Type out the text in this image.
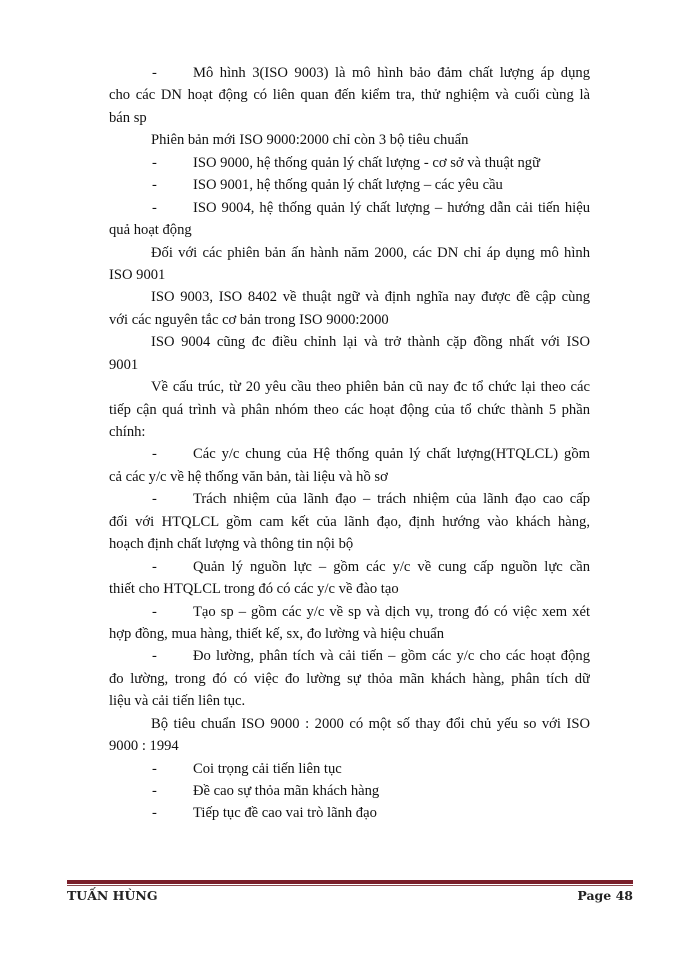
- Mô hình 3(ISO 9003) là mô hình bảo đảm chất lượng áp dụng
cho các DN hoạt động có liên quan đến kiểm tra, thử nghiệm và cuối cùng là
bán sp
Phiên bản mới ISO 9000:2000 chỉ còn 3 bộ tiêu chuẩn
- ISO 9000, hệ thống quản lý chất lượng - cơ sở và thuật ngữ
- ISO 9001, hệ thống quản lý chất lượng – các yêu cầu
- ISO 9004, hệ thống quản lý chất lượng – hướng dẫn cải tiến hiệu
quả hoạt động
Đối với các phiên bản ấn hành năm 2000, các DN chỉ áp dụng mô hình
ISO 9001
ISO 9003, ISO 8402 về thuật ngữ và định nghĩa nay được đề cập cùng
với các nguyên tắc cơ bản trong ISO 9000:2000
ISO 9004 cũng đc điều chỉnh lại và trở thành cặp đồng nhất với ISO
9001
Về cấu trúc, từ 20 yêu cầu theo phiên bản cũ nay đc tổ chức lại theo các
tiếp cận quá trình và phân nhóm theo các hoạt động của tổ chức thành 5 phần
chính:
- Các y/c chung của Hệ thống quản lý chất lượng(HTQLCL) gồm
cả các y/c về hệ thống văn bản, tài liệu và hồ sơ
- Trách nhiệm của lãnh đạo – trách nhiệm của lãnh đạo cao cấp
đối với HTQLCL gồm cam kết của lãnh đạo, định hướng vào khách hàng,
hoạch định chất lượng và thông tin nội bộ
- Quản lý nguồn lực – gồm các y/c về cung cấp nguồn lực cần
thiết cho HTQLCL trong đó có các y/c về đào tạo
- Tạo sp – gồm các y/c về sp và dịch vụ, trong đó có việc xem xét
hợp đồng, mua hàng, thiết kế, sx, đo lường và hiệu chuẩn
- Đo lường, phân tích và cải tiến – gồm các y/c cho các hoạt động
đo lường, trong đó có việc đo lường sự thỏa mãn khách hàng, phân tích dữ
liệu và cải tiến liên tục.
Bộ tiêu chuẩn ISO 9000 : 2000 có một số thay đổi chủ yếu so với ISO
9000 : 1994
- Coi trọng cải tiến liên tục
- Đề cao sự thỏa mãn khách hàng
- Tiếp tục đề cao vai trò lãnh đạo
TUẤN HÙNG	Page 48
